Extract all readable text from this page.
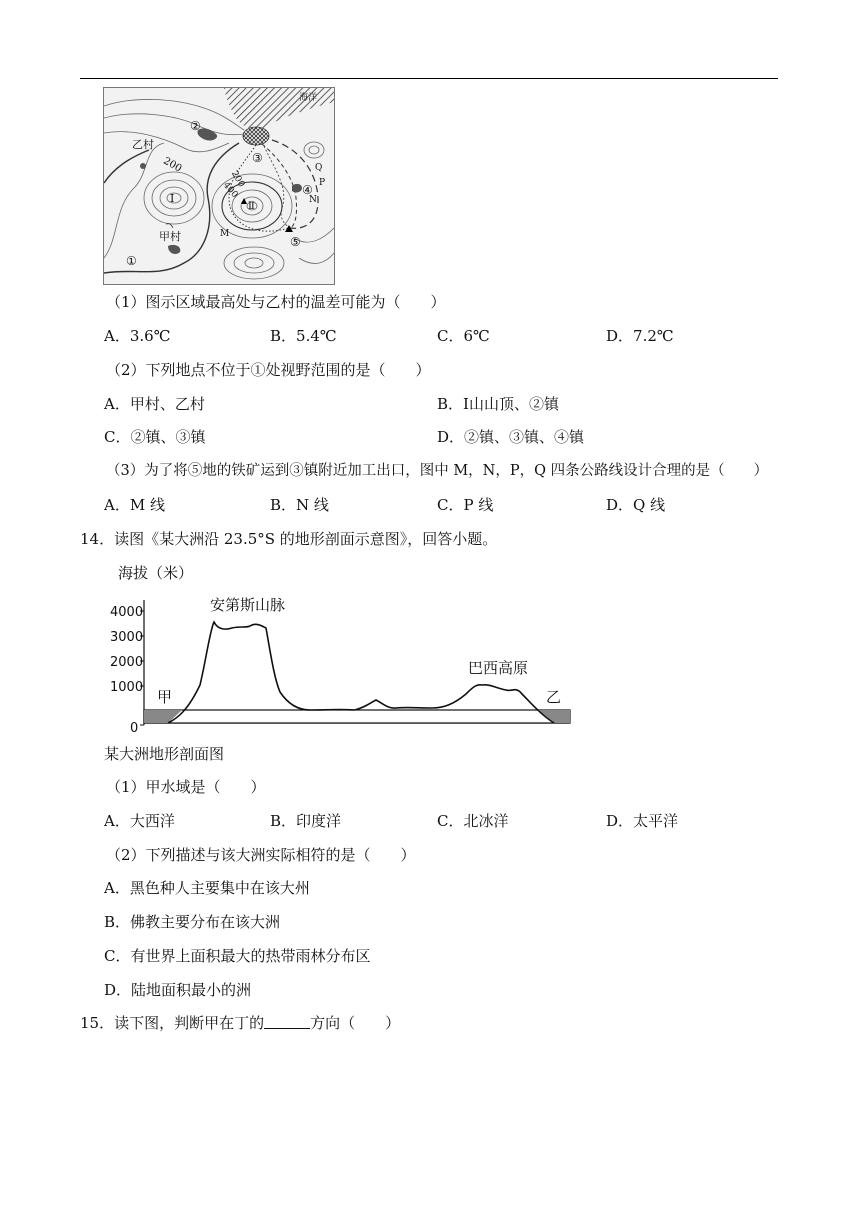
海洋
乙村
甲村
200
200
400
Ⅰ
Ⅱ
M
N
P
Q
①
②
③
④
⑤
（1）图示区域最高处与乙村的温差可能为（　　）
A．3.6℃	B．5.4℃	C．6℃	D．7.2℃
（2）下列地点不位于①处视野范围的是（　　）
A．甲村、乙村	B．Ⅰ山山顶、②镇
C．②镇、③镇	D．②镇、③镇、④镇
（3）为了将⑤地的铁矿运到③镇附近加工出口，图中 M，N，P，Q 四条公路线设计合理的是（　　）
A．M 线	B．N 线	C．P 线	D．Q 线
14．读图《某大洲沿 23.5°S 的地形剖面示意图》，回答小题。
海拔（米）
4000
3000
2000
1000
0
安第斯山脉
巴西高原
甲	乙
某大洲地形剖面图
（1）甲水域是（　　）
A．大西洋	B．印度洋	C．北冰洋	D．太平洋
（2）下列描述与该大洲实际相符的是（　　）
A．黑色种人主要集中在该大州
B．佛教主要分布在该大洲
C．有世界上面积最大的热带雨林分布区
D．陆地面积最小的洲
15．读下图，判断甲在丁的	方向（　　）
